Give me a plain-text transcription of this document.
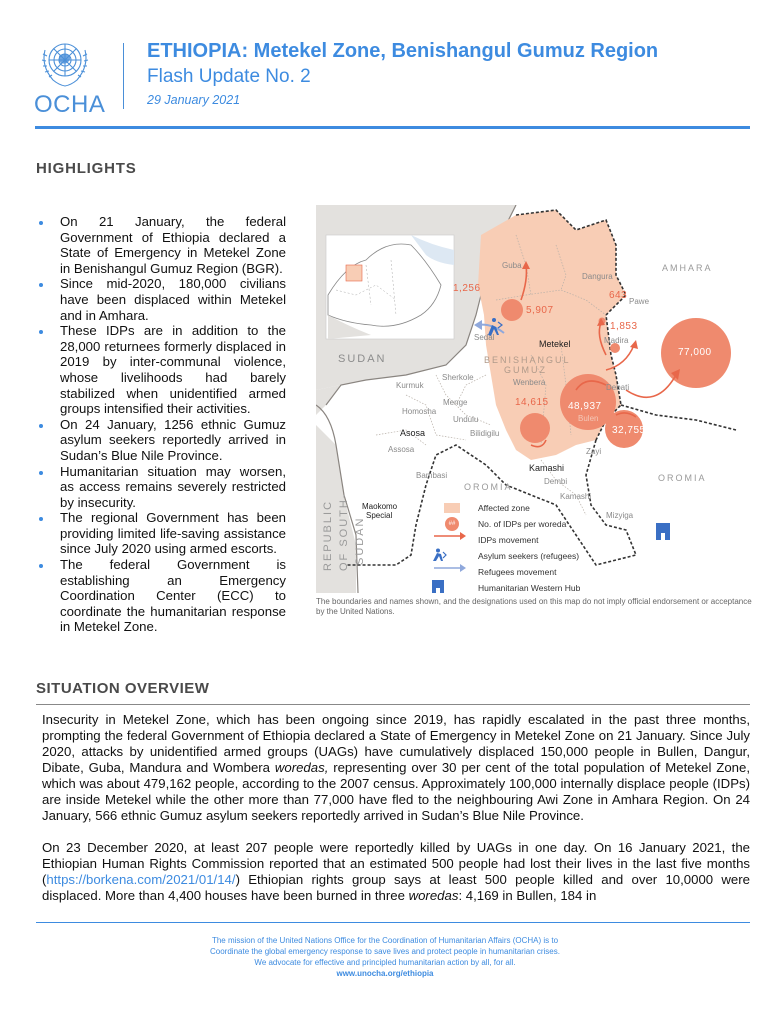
OCHA
ETHIOPIA: Metekel Zone, Benishangul Gumuz Region
Flash Update No. 2
29 January 2021
HIGHLIGHTS
On 21 January, the federal Government of Ethiopia declared a State of Emergency in Metekel Zone in Benishangul Gumuz Region (BGR).
Since mid-2020, 180,000 civilians have been displaced within Metekel and in Amhara.
These IDPs are in addition to the 28,000 returnees formerly displaced in 2019 by inter-communal violence, whose livelihoods had barely stabilized when unidentified armed groups intensified their activities.
On 24 January, 1256 ethnic Gumuz asylum seekers reportedly arrived in Sudan’s Blue Nile Province.
Humanitarian situation may worsen, as access remains severely restricted by insecurity.
The regional Government has been providing limited life-saving assistance since July 2020 using armed escorts.
The federal Government is establishing an Emergency Coordination Center (ECC) to coordinate the humanitarian response in Metekel Zone.
SUDAN
REPUBLIC OF SOUTH- SUDAN
AMHARA
OROMIA
OROMIA
BENISHANGUL
GUMUZ
Metekel
Asosa
Kamashi
Maokomo
Special
Guba
Dangura
Pawe
Madira
Wenbera
Debati
Bulen
Sedal
Sherkole
Kurmuk
Menge
Homosha
Undulu
Bilidigilu
Assosa
Bambasi
Zayi
Dembi
Kamashi
Mizyiga
1,256
5,907
643
1,853
14,615 48,937
32,755
77,000
Affected zone
##	No. of IDPs per woreda
IDPs movement
Asylum seekers (refugees)
Refugees movement
Humanitarian Western Hub
The boundaries and names shown, and the designations used on this map do not imply official endorsement or acceptance by the United Nations.
SITUATION OVERVIEW

Insecurity in Metekel Zone, which has been ongoing since 2019, has rapidly escalated in the past three months, prompting the federal Government of Ethiopia declared a State of Emergency in Metekel Zone on 21 January. Since July 2020, attacks by unidentified armed groups (UAGs) have cumulatively displaced 150,000 people in Bullen, Dangur, Dibate, Guba, Mandura and Wombera woredas, representing over 30 per cent of the total population of Metekel Zone, which was about 479,162 people, according to the 2007 census. Approximately 100,000 internally displace people (IDPs) are inside Metekel while the other more than 77,000 have fled to the neighbouring Awi Zone in Amhara Region. On 24 January, 566 ethnic Gumuz asylum seekers reportedly arrived in Sudan’s Blue Nile Province.

On 23 December 2020, at least 207 people were reportedly killed by UAGs in one day. On 16 January 2021, the Ethiopian Human Rights Commission reported that an estimated 500 people had lost their lives in the last five months (https://borkena.com/2021/01/14/) Ethiopian rights group says at least 500 people killed and over 10,0000 were displaced. More than 4,400 houses have been burned in three woredas: 4,169 in Bullen, 184 in

The mission of the United Nations Office for the Coordination of Humanitarian Affairs (OCHA) is to
Coordinate the global emergency response to save lives and protect people in humanitarian crises.
We advocate for effective and principled humanitarian action by all, for all.
www.unocha.org/ethiopia
